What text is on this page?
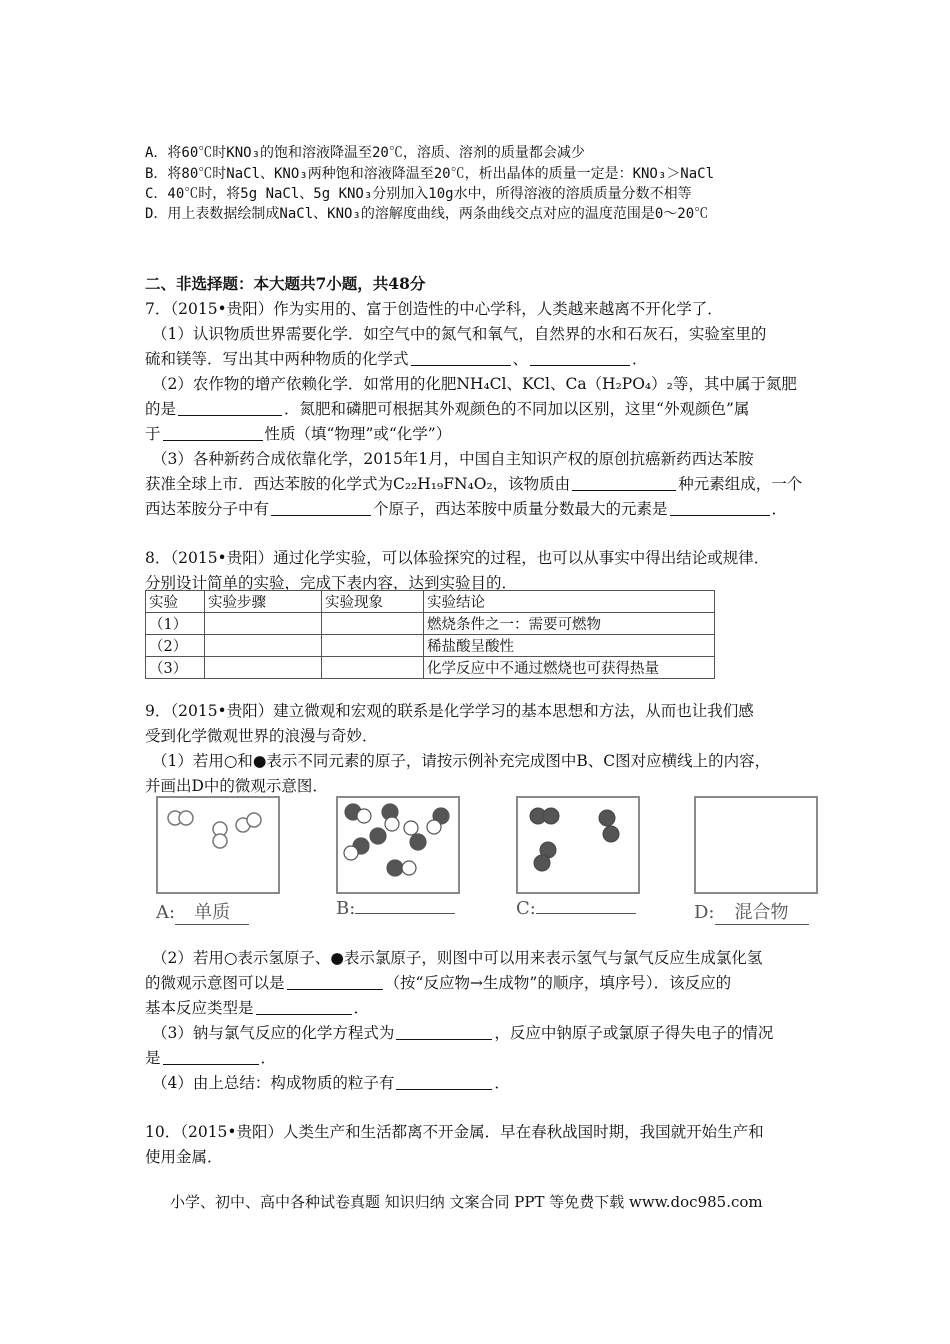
A．将60℃时KNO₃的饱和溶液降温至20℃，溶质、溶剂的质量都会减少
B．将80℃时NaCl、KNO₃两种饱和溶液降温至20℃，析出晶体的质量一定是：KNO₃＞NaCl
C．40℃时，将5g NaCl、5g KNO₃分别加入10g水中，所得溶液的溶质质量分数不相等
D．用上表数据绘制成NaCl、KNO₃的溶解度曲线，两条曲线交点对应的温度范围是0～20℃
二、非选择题：本大题共7小题，共48分
7．（2015•贵阳）作为实用的、富于创造性的中心学科，人类越来越离不开化学了．
（1）认识物质世界需要化学．如空气中的氮气和氧气，自然界的水和石灰石，实验室里的
硫和镁等．写出其中两种物质的化学式	、	．
（2）农作物的增产依赖化学．如常用的化肥NH₄Cl、KCl、Ca（H₂PO₄）₂等，其中属于氮肥
的是	．氮肥和磷肥可根据其外观颜色的不同加以区别，这里“外观颜色”属
于	性质（填“物理”或“化学”）
（3）各种新药合成依靠化学，2015年1月，中国自主知识产权的原创抗癌新药西达苯胺
获准全球上市．西达苯胺的化学式为C₂₂H₁₉FN₄O₂，该物质由	种元素组成，一个
西达苯胺分子中有	个原子，西达苯胺中质量分数最大的元素是	．
8．（2015•贵阳）通过化学实验，可以体验探究的过程，也可以从事实中得出结论或规律．
分别设计简单的实验，完成下表内容，达到实验目的．
实验	实验步骤	实验现象	实验结论
（1）			燃烧条件之一：需要可燃物
（2）			稀盐酸呈酸性
（3）			化学反应中不通过燃烧也可获得热量
9．（2015•贵阳）建立微观和宏观的联系是化学学习的基本思想和方法，从而也让我们感
受到化学微观世界的浪漫与奇妙．
（1）若用○和●表示不同元素的原子，请按示例补充完成图中B、C图对应横线上的内容，
并画出D中的微观示意图．
A: 单质	B:	C:	D: 混合物
（2）若用○表示氢原子、●表示氯原子，则图中可以用来表示氢气与氯气反应生成氯化氢
的微观示意图可以是	（按“反应物→生成物”的顺序，填序号）．该反应的
基本反应类型是	．
（3）钠与氯气反应的化学方程式为	，反应中钠原子或氯原子得失电子的情况
是	．
（4）由上总结：构成物质的粒子有	．
10．（2015•贵阳）人类生产和生活都离不开金属．早在春秋战国时期，我国就开始生产和
使用金属．
小学、初中、高中各种试卷真题 知识归纳 文案合同 PPT 等免费下载 www.doc985.com
